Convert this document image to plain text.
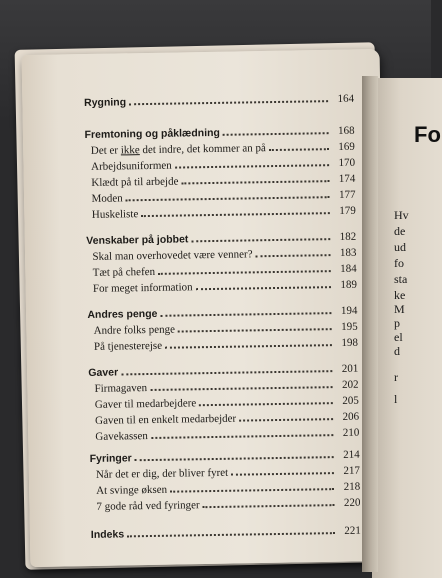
Fo
Hv
de
ud
fo
sta
ke
M
p
el
d
r
l
Rygning	164
Fremtoning og påklædning	168
Det er ikke det indre, det kommer an på	169
Arbejdsuniformen	170
Klædt på til arbejde	174
Moden	177
Huskeliste	179
Venskaber på jobbet	182
Skal man overhovedet være venner?	183
Tæt på chefen	184
For meget information	189
Andres penge	194
Andre folks penge	195
På tjenesterejse	198
Gaver	201
Firmagaven	202
Gaver til medarbejdere	205
Gaven til en enkelt medarbejder	206
Gavekassen	210
Fyringer	214
Når det er dig, der bliver fyret	217
At svinge øksen	218
7 gode råd ved fyringer	220
Indeks	221
